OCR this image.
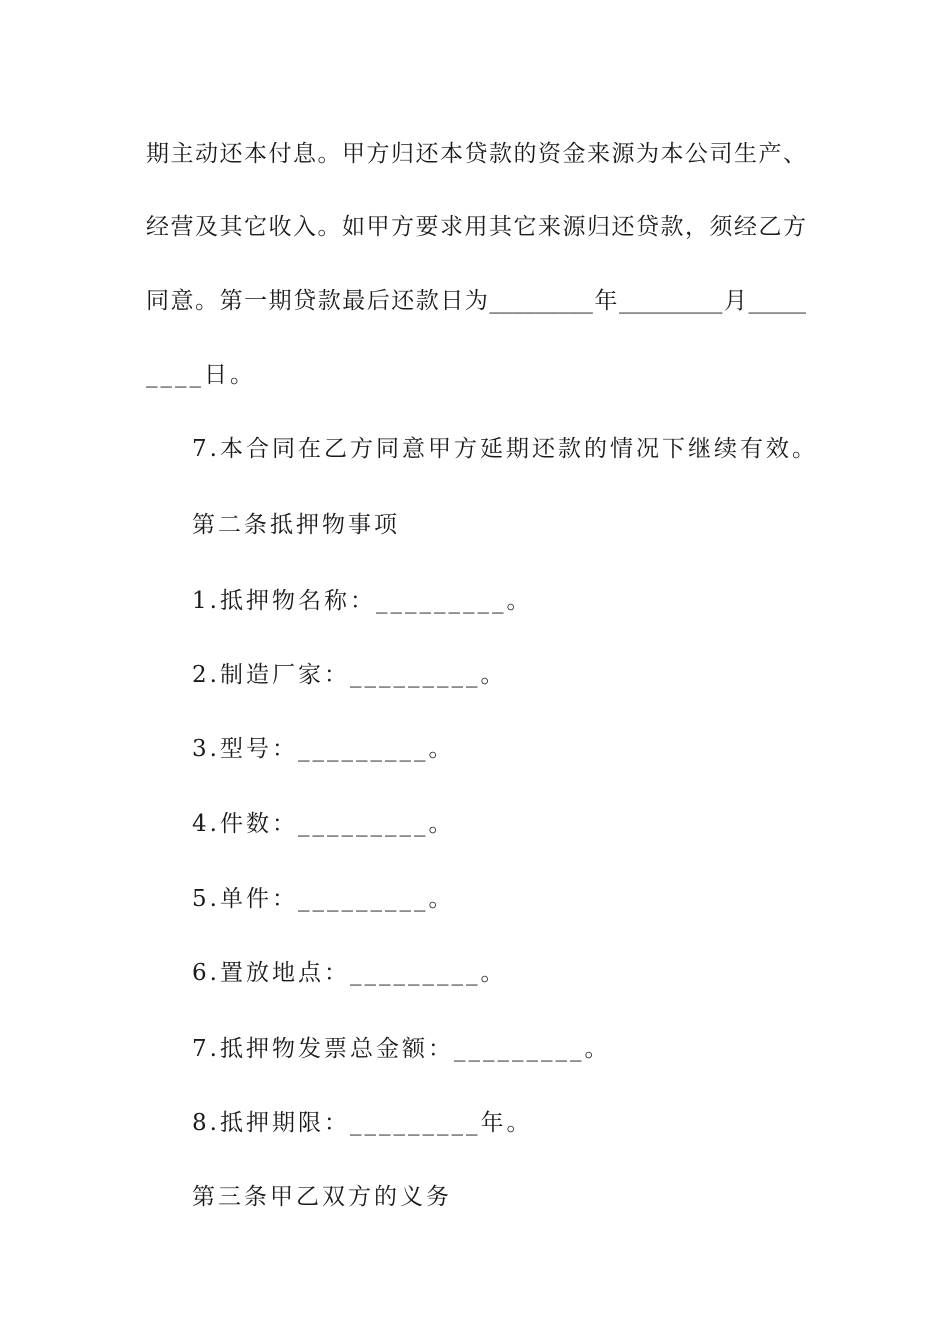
期主动还本付息。甲方归还本贷款的资金来源为本公司生产、
经营及其它收入。如甲方要求用其它来源归还贷款，须经乙方
同意。第一期贷款最后还款日为_________年_________月_____
____日。
7.本合同在乙方同意甲方延期还款的情况下继续有效。
第二条抵押物事项
1.抵押物名称：_________。
2.制造厂家：_________。
3.型号：_________。
4.件数：_________。
5.单件：_________。
6.置放地点：_________。
7.抵押物发票总金额：_________。
8.抵押期限：_________年。
第三条甲乙双方的义务
